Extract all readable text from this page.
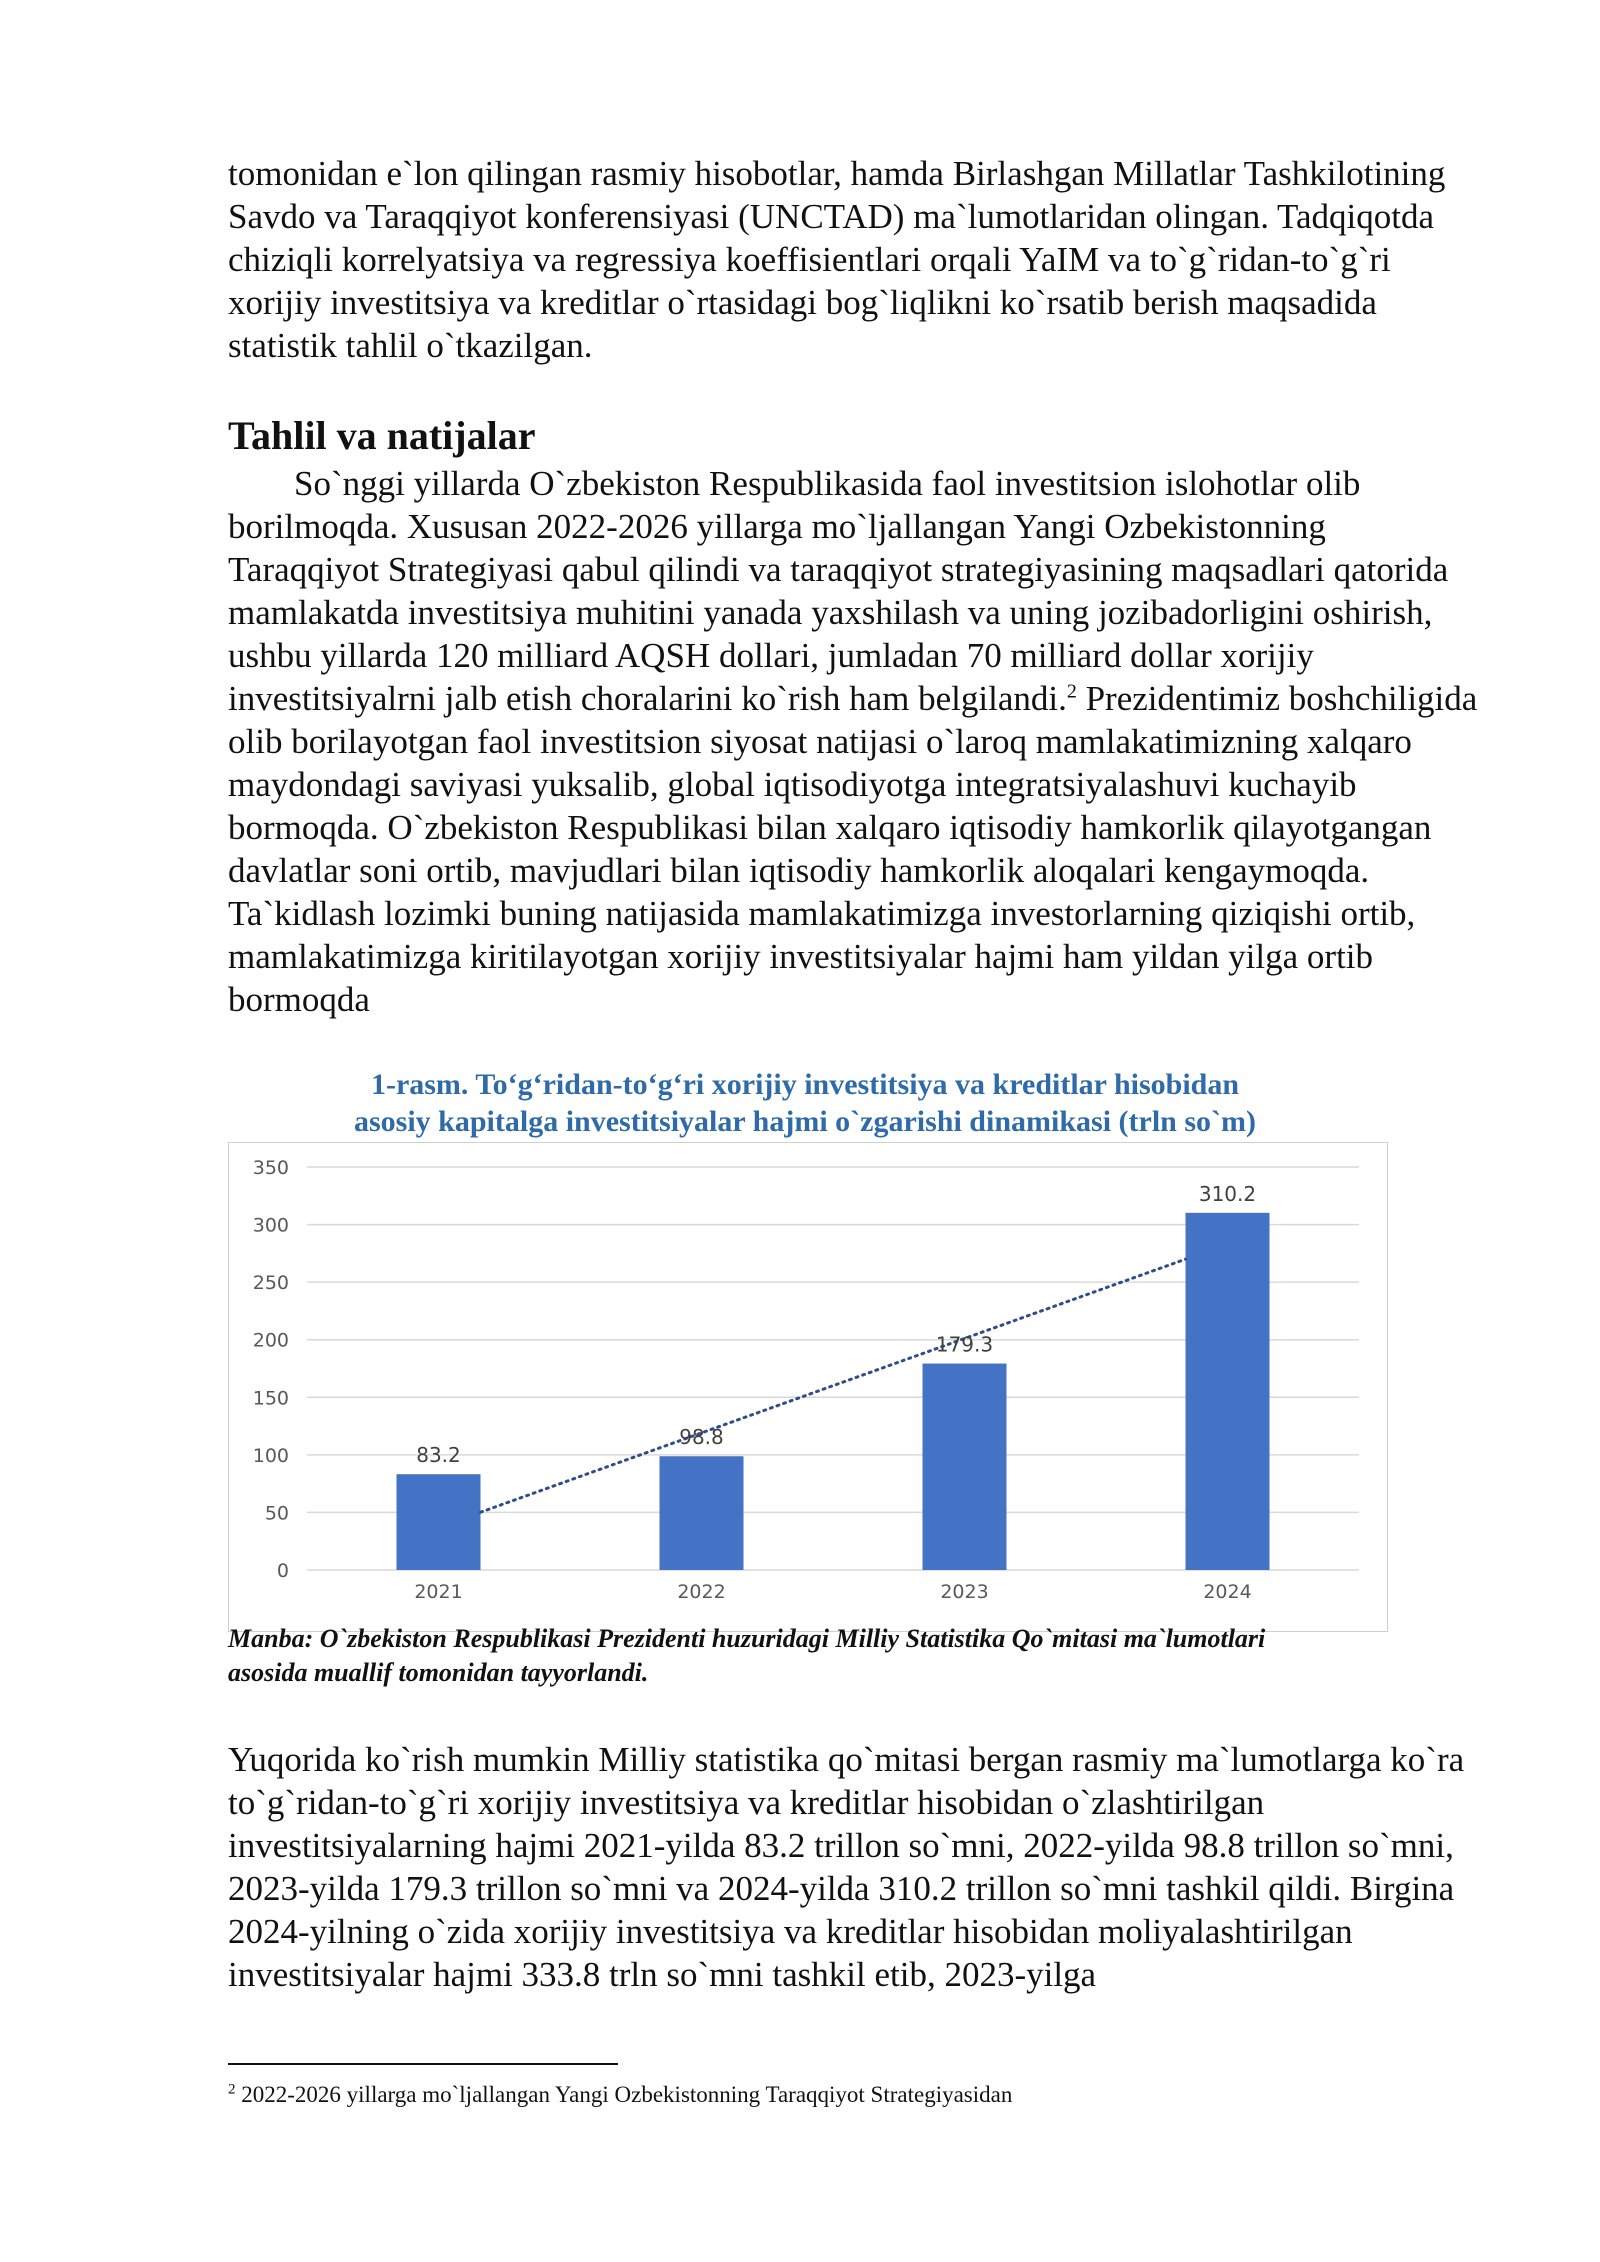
tomonidan e`lon qilingan rasmiy hisobotlar, hamda Birlashgan Millatlar Tashkilotining Savdo va Taraqqiyot konferensiyasi (UNCTAD) ma`lumotlaridan olingan. Tadqiqotda chiziqli korrelyatsiya va regressiya koeffisientlari orqali YaIM va to`g`ridan-to`g`ri xorijiy investitsiya va kreditlar o`rtasidagi bog`liqlikni ko`rsatib berish maqsadida statistik tahlil o`tkazilgan.

Tahlil va natijalar

So`nggi yillarda O`zbekiston Respublikasida faol investitsion islohotlar olib borilmoqda. Xususan 2022-2026 yillarga mo`ljallangan Yangi Ozbekistonning Taraqqiyot Strategiyasi qabul qilindi va taraqqiyot strategiyasining maqsadlari qatorida mamlakatda investitsiya muhitini yanada yaxshilash va uning jozibadorligini oshirish, ushbu yillarda 120 milliard AQSH dollari, jumladan 70 milliard dollar xorijiy investitsiyalrni jalb etish choralarini ko`rish ham belgilandi.$^2$ Prezidentimiz boshchiligida olib borilayotgan faol investitsion siyosat natijasi o`laroq mamlakatimizning xalqaro maydondagi saviyasi yuksalib, global iqtisodiyotga integratsiyalashuvi kuchayib bormoqda. O`zbekiston Respublikasi bilan xalqaro iqtisodiy hamkorlik qilayotgangan davlatlar soni ortib, mavjudlari bilan iqtisodiy hamkorlik aloqalari kengaymoqda. Ta`kidlash lozimki buning natijasida mamlakatimizga investorlarning qiziqishi ortib, mamlakatimizga kiritilayotgan xorijiy investitsiyalar hajmi ham yildan yilga ortib bormoqda

1-rasm. To‘g‘ridan-to‘g‘ri xorijiy investitsiya va kreditlar hisobidan

asosiy kapitalga investitsiyalar hajmi o`zgarishi dinamikasi (trln so`m)

0
50
100
150
200
250
300
350
83.2
98.8
179.3
310.2
2021	2022	2023	2024

Manba: O`zbekiston Respublikasi Prezidenti huzuridagi Milliy Statistika Qo`mitasi ma`lumotlari

asosida muallif tomonidan tayyorlandi.

Yuqorida ko`rish mumkin Milliy statistika qo`mitasi bergan rasmiy ma`lumotlarga ko`ra to`g`ridan-to`g`ri xorijiy investitsiya va kreditlar hisobidan o`zlashtirilgan investitsiyalarning hajmi 2021-yilda 83.2 trillon so`mni, 2022-yilda 98.8 trillon so`mni, 2023-yilda 179.3 trillon so`mni va 2024-yilda 310.2 trillon so`mni tashkil qildi. Birgina 2024-yilning o`zida xorijiy investitsiya va kreditlar hisobidan moliyalashtirilgan investitsiyalar hajmi 333.8 trln so`mni tashkil etib, 2023-yilga

$^2$ 2022-2026 yillarga mo`ljallangan Yangi Ozbekistonning Taraqqiyot Strategiyasidan
